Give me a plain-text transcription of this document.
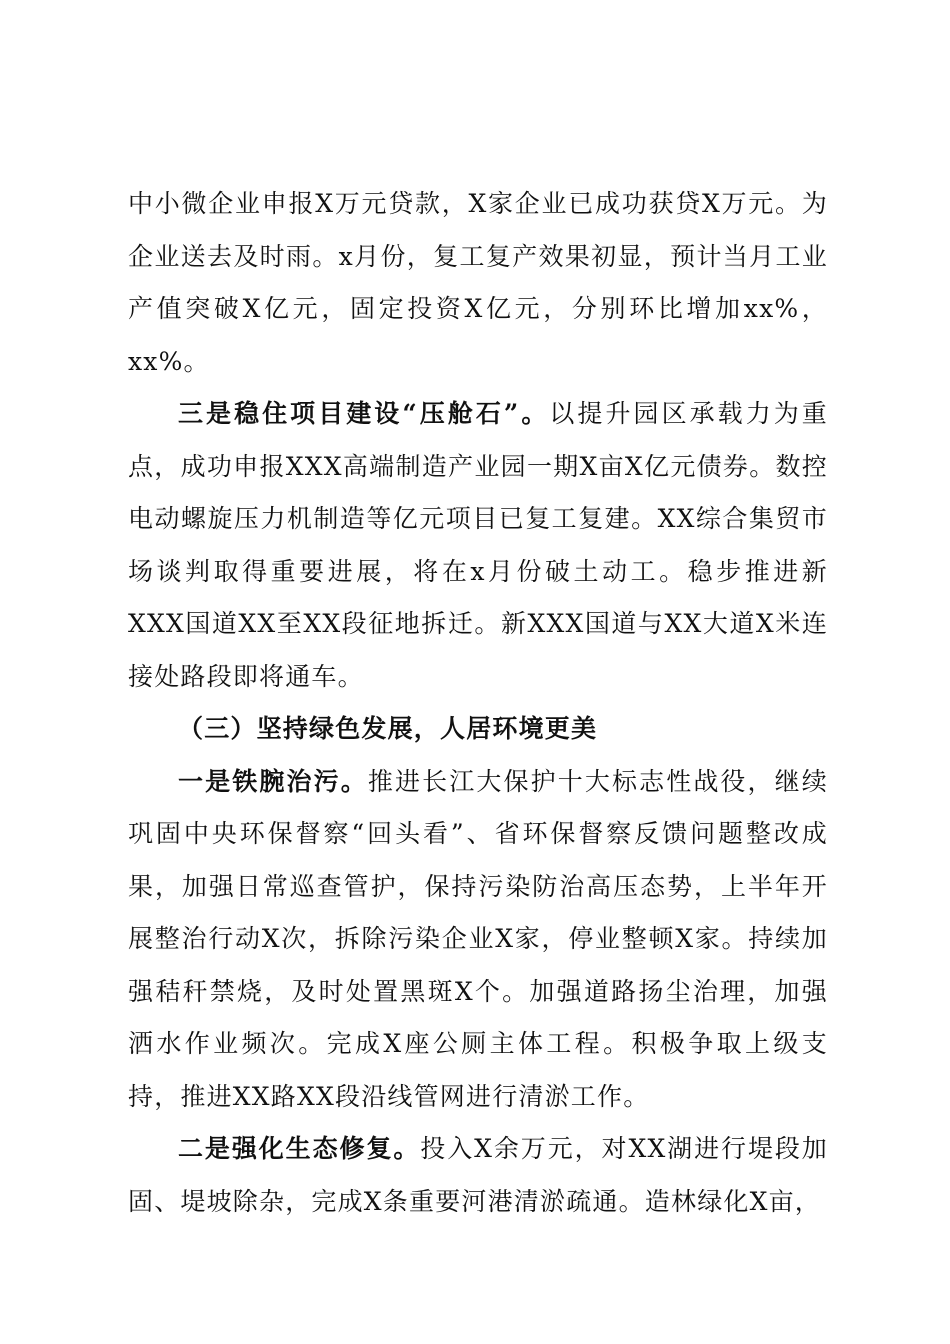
中小微企业申报X万元贷款，X家企业已成功获贷X万元。为企业送去及时雨。x月份，复工复产效果初显，预计当月工业产值突破X亿元，固定投资X亿元，分别环比增加xx%，xx%。

三是稳住项目建设“压舱石”。以提升园区承载力为重点，成功申报XXX高端制造产业园一期X亩X亿元债券。数控电动螺旋压力机制造等亿元项目已复工复建。XX综合集贸市场谈判取得重要进展，将在x月份破土动工。稳步推进新XXX国道XX至XX段征地拆迁。新XXX国道与XX大道X米连接处路段即将通车。

（三）坚持绿色发展，人居环境更美

一是铁腕治污。推进长江大保护十大标志性战役，继续巩固中央环保督察“回头看”、省环保督察反馈问题整改成果，加强日常巡查管护，保持污染防治高压态势，上半年开展整治行动X次，拆除污染企业X家，停业整顿X家。持续加强秸秆禁烧，及时处置黑斑X个。加强道路扬尘治理，加强洒水作业频次。完成X座公厕主体工程。积极争取上级支持，推进XX路XX段沿线管网进行清淤工作。

二是强化生态修复。投入X余万元，对XX湖进行堤段加固、堤坡除杂，完成X条重要河港清淤疏通。造林绿化X亩，
